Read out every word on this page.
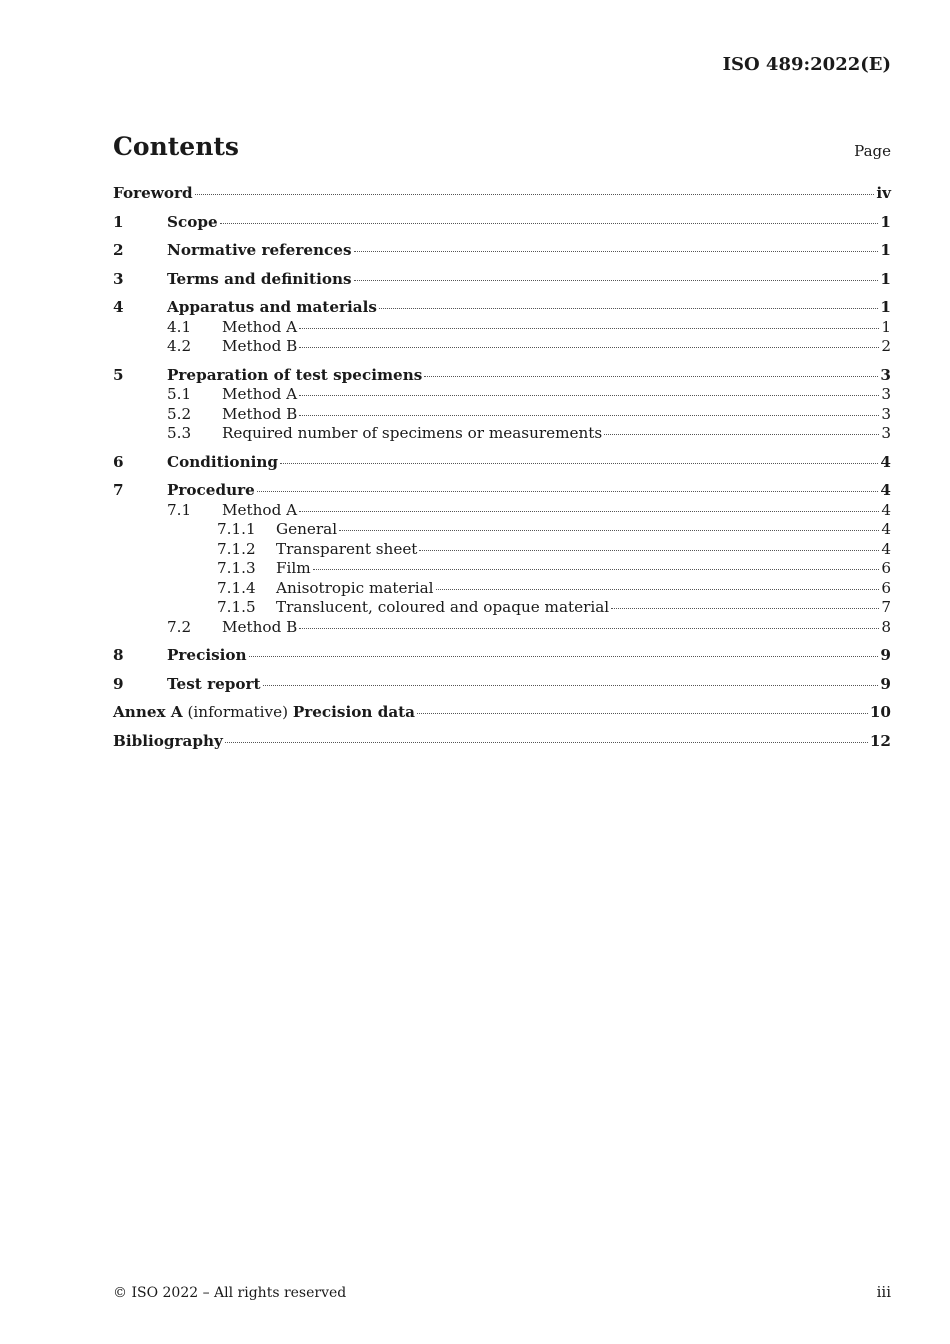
ISO 489:2022(E)
Contents	Page
Foreword	iv
1	Scope	1
2	Normative references	1
3	Terms and definitions	1
4	Apparatus and materials	1
4.1	Method A	1
4.2	Method B	2
5	Preparation of test specimens	3
5.1	Method A	3
5.2	Method B	3
5.3	Required number of specimens or measurements	3
6	Conditioning	4
7	Procedure	4
7.1	Method A	4
7.1.1	General	4
7.1.2	Transparent sheet	4
7.1.3	Film	6
7.1.4	Anisotropic material	6
7.1.5	Translucent, coloured and opaque material	7
7.2	Method B	8
8	Precision	9
9	Test report	9
Annex A (informative) Precision data	10
Bibliography	12
© ISO 2022 – All rights reserved	iii
